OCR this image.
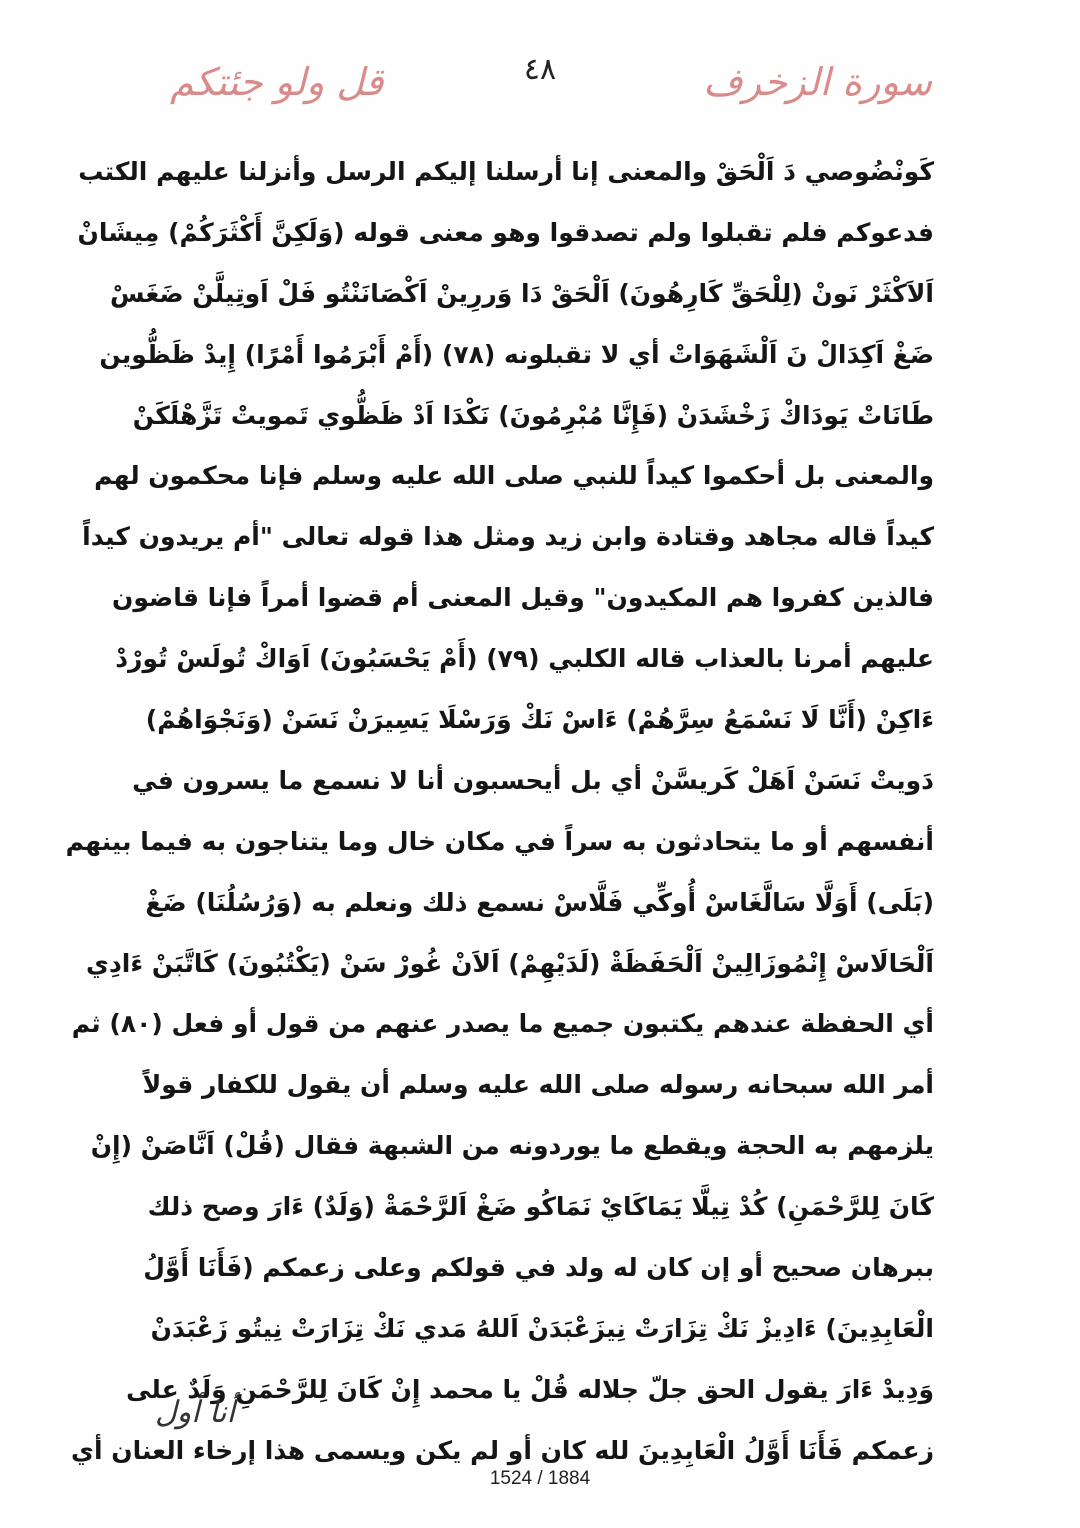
٤٨
قل ولو جئتكم	سورة الزخرف
كَونْضُوصي دَ اَلْحَقْ والمعنى إنا أرسلنا إليكم الرسل وأنزلنا عليهم الكتب
فدعوكم فلم تقبلوا ولم تصدقوا وهو معنى قوله (وَلَكِنَّ أَكْثَرَكُمْ) مِيشَانْ
اَلاَكْثَرْ نَونْ (لِلْحَقِّ كَارِهُونَ) اَلْحَقْ دَا وَررِينْ اَكْصَانَنْتُو فَلْ اَوتِيلَّنْ ضَغَسْ
ضَغْ اَكِدَالْ نَ اَلْشَهَوَاتْ أي لا تقبلونه (٧٨) (أَمْ أَبْرَمُوا أَمْرًا) إِيدْ ظَظُّوين
طَانَاتْ يَودَاكْ زَخْشَدَنْ (فَإِنَّا مُبْرِمُونَ) نَكْدَا اَدْ ظَظُّوي تَمويتْ تَزَّهْلَكَنْ
والمعنى بل أحكموا كيداً للنبي صلى الله عليه وسلم فإنا محكمون لهم
كيداً قاله مجاهد وقتادة وابن زيد ومثل هذا قوله تعالى "أم يريدون كيداً
فالذين كفروا هم المكيدون" وقيل المعنى أم قضوا أمراً فإنا قاضون
عليهم أمرنا بالعذاب قاله الكلبي (٧٩) (أَمْ يَحْسَبُونَ) اَوَاكْ تُولَسْ تُورْدْ
ءَاكِنْ (أَنَّا لَا نَسْمَعُ سِرَّهُمْ) ءَاسْ نَكْ وَرَسْلَا يَسِيرَنْ نَسَنْ (وَنَجْوَاهُمْ)
دَويتْ نَسَنْ اَهَلْ كَريسَّنْ أي بل أيحسبون أنا لا نسمع ما يسرون في
أنفسهم أو ما يتحادثون به سراً في مكان خال وما يتناجون به فيما بينهم
(بَلَى) أَوَلَّا سَالَّغَاسْ أُوكِّي فَلَّاسْ نسمع ذلك ونعلم به (وَرُسُلُنَا) ضَغْ
اَلْحَالَاسْ إِنْمُوزَالِينْ اَلْحَفَظَةْ (لَدَيْهِمْ) اَلاَنْ غُورْ سَنْ (يَكْتُبُونَ) كَاتَّبَنْ ءَادِي
أي الحفظة عندهم يكتبون جميع ما يصدر عنهم من قول أو فعل (٨٠) ثم
أمر الله سبحانه رسوله صلى الله عليه وسلم أن يقول للكفار قولاً
يلزمهم به الحجة ويقطع ما يوردونه من الشبهة فقال (قُلْ) اَنَّاصَنْ (إِنْ
كَانَ لِلرَّحْمَنِ) كُدْ تِيلَّا يَمَاكَايْ نَمَاكُو ضَغْ اَلرَّحْمَةْ (وَلَدٌ) ءَارَ وصح ذلك
ببرهان صحيح أو إن كان له ولد في قولكم وعلى زعمكم (فَأَنَا أَوَّلُ
الْعَابِدِينَ) ءَادِيزْ نَكْ تِزَارَتْ نِيزَعْبَدَنْ اَللهُ مَدي نَكْ تِزَارَتْ نِيتُو زَعْبَدَنْ
وَدِيدْ ءَارَ يقول الحق جلّ جلاله قُلْ يا محمد إِنْ كَانَ لِلرَّحْمَنِ وَلَدٌ على
زعمكم فَأَنَا أَوَّلُ الْعَابِدِينَ لله كان أو لم يكن ويسمى هذا إرخاء العنان أي
أنا أول
1524 / 1884
